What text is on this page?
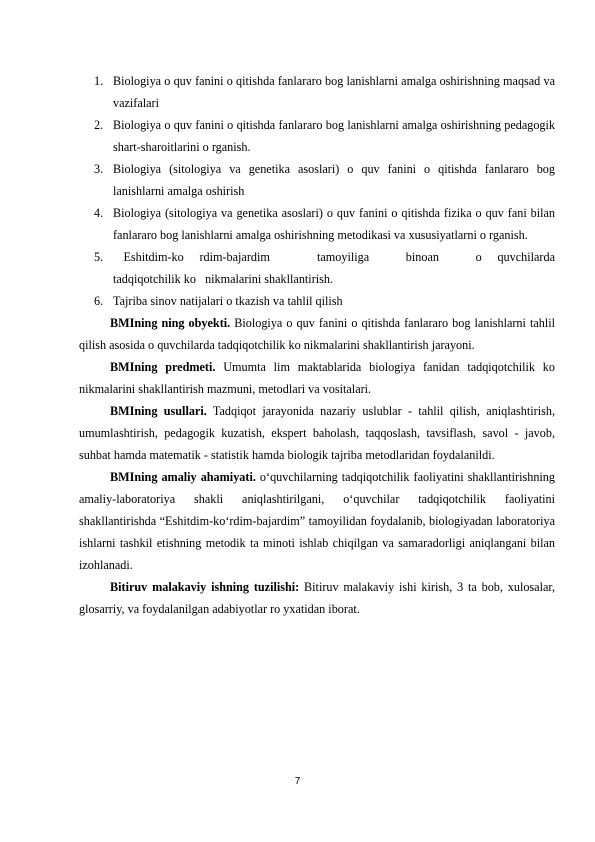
1. Biologiya o quv fanini o qitishda fanlararo bog lanishlarni amalga oshirishning maqsad va vazifalari
2. Biologiya o quv fanini o qitishda fanlararo bog lanishlarni amalga oshirishning pedagogik shart-sharoitlarini o rganish.
3. Biologiya (sitologiya va genetika asoslari) o quv fanini o qitishda fanlararo bog lanishlarni amalga oshirish
4. Biologiya (sitologiya va genetika asoslari) o quv fanini o qitishda fizika o quv fani bilan fanlararo bog lanishlarni amalga oshirishning metodikasi va xususiyatlarni o rganish.
5. Eshitdim-ko   rdim-bajardim         tamoyiliga       binoan       o   quvchilarda tadqiqotchilik ko   nikmalarini shakllantirish.
6. Tajriba sinov natijalari o tkazish va tahlil qilish

BMIning ning obyekti. Biologiya o quv fanini o qitishda fanlararo bog lanishlarni tahlil qilish asosida o quvchilarda tadqiqotchilik ko nikmalarini shakllantirish jarayoni.

BMIning predmeti. Umumta lim maktablarida biologiya fanidan tadqiqotchilik ko nikmalarini shakllantirish mazmuni, metodlari va vositalari.

BMIning usullari. Tadqiqot jarayonida nazariy uslublar - tahlil qilish, aniqlashtirish, umumlashtirish, pedagogik kuzatish, ekspert baholash, taqqoslash, tavsiflash, savol - javob, suhbat hamda matematik - statistik hamda biologik tajriba metodlaridan foydalanildi.

BMIning amaliy ahamiyati. o‘quvchilarning tadqiqotchilik faoliyatini shakllantirishning amaliy-laboratoriya shakli aniqlashtirilgani, o‘quvchilar tadqiqotchilik faoliyatini shakllantirishda “Eshitdim-ko‘rdim-bajardim” tamoyilidan foydalanib, biologiyadan laboratoriya ishlarni tashkil etishning metodik ta minoti ishlab chiqilgan va samaradorligi aniqlangani bilan izohlanadi.

Bitiruv malakaviy ishning tuzilishi: Bitiruv malakaviy ishi kirish, 3 ta bob, xulosalar, glosarriy, va foydalanilgan adabiyotlar ro yxatidan iborat.

7
